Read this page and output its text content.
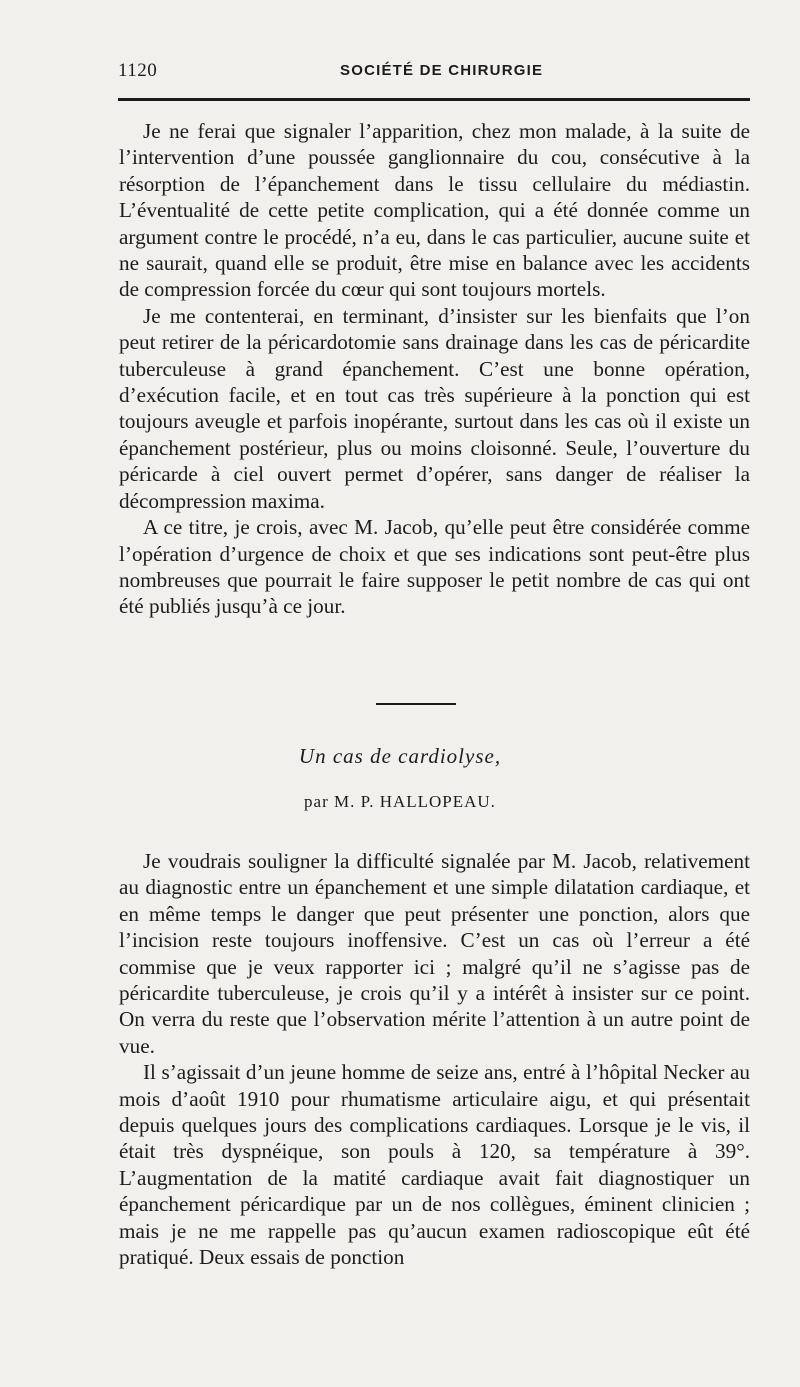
1120	SOCIÉTÉ DE CHIRURGIE

Je ne ferai que signaler l’apparition, chez mon malade, à la suite de l’intervention d’une poussée ganglionnaire du cou, consécutive à la résorption de l’épanchement dans le tissu cellulaire du médiastin. L’éventualité de cette petite complication, qui a été donnée comme un argument contre le procédé, n’a eu, dans le cas particulier, aucune suite et ne saurait, quand elle se produit, être mise en balance avec les accidents de compression forcée du cœur qui sont toujours mortels.

Je me contenterai, en terminant, d’insister sur les bienfaits que l’on peut retirer de la péricardotomie sans drainage dans les cas de péricardite tuberculeuse à grand épanchement. C’est une bonne opération, d’exécution facile, et en tout cas très supérieure à la ponction qui est toujours aveugle et parfois inopérante, surtout dans les cas où il existe un épanchement postérieur, plus ou moins cloisonné. Seule, l’ouverture du péricarde à ciel ouvert permet d’opérer, sans danger de réaliser la décompression maxima.

A ce titre, je crois, avec M. Jacob, qu’elle peut être considérée comme l’opération d’urgence de choix et que ses indications sont peut-être plus nombreuses que pourrait le faire supposer le petit nombre de cas qui ont été publiés jusqu’à ce jour.

Un cas de cardiolyse,
par M. P. HALLOPEAU.

Je voudrais souligner la difficulté signalée par M. Jacob, relativement au diagnostic entre un épanchement et une simple dilatation cardiaque, et en même temps le danger que peut présenter une ponction, alors que l’incision reste toujours inoffensive. C’est un cas où l’erreur a été commise que je veux rapporter ici ; malgré qu’il ne s’agisse pas de péricardite tuberculeuse, je crois qu’il y a intérêt à insister sur ce point. On verra du reste que l’observation mérite l’attention à un autre point de vue.

Il s’agissait d’un jeune homme de seize ans, entré à l’hôpital Necker au mois d’août 1910 pour rhumatisme articulaire aigu, et qui présentait depuis quelques jours des complications cardiaques. Lorsque je le vis, il était très dyspnéique, son pouls à 120, sa température à 39°. L’augmentation de la matité cardiaque avait fait diagnostiquer un épanchement péricardique par un de nos collègues, éminent clinicien ; mais je ne me rappelle pas qu’aucun examen radioscopique eût été pratiqué. Deux essais de ponction
